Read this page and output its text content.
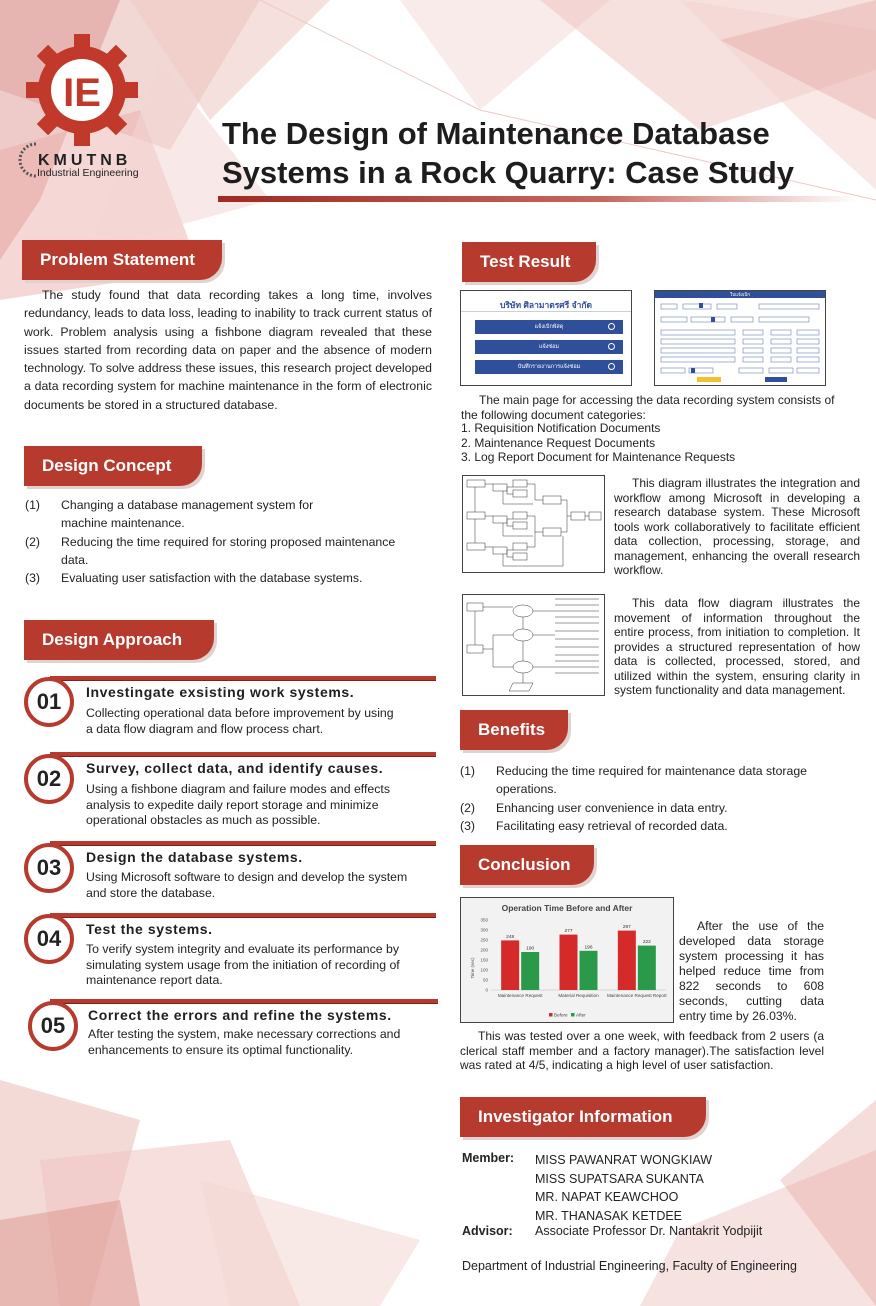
IE
KMUTNB
Industrial Engineering
The Design of Maintenance Database
Systems in a Rock Quarry: Case Study
Problem Statement
The study found that data recording takes a long time, involves redundancy, leads to data loss, leading to inability to track current status of work. Problem analysis using a fishbone diagram revealed that these issues started from recording data on paper and the absence of modern technology. To solve address these issues, this research project developed a data recording system for machine maintenance in the form of electronic documents be stored in a structured database.
Design Concept
(1)	Changing a database management system for
machine maintenance.
(2)	Reducing the time required for storing proposed maintenance
data.
(3)	Evaluating user satisfaction with the database systems.
Design Approach
01	Investingate exsisting work systems.
Collecting operational data before improvement by using
a data flow diagram and flow process chart.
02	Survey, collect data, and identify causes.
Using a fishbone diagram and failure modes and effects
analysis to expedite daily report storage and minimize
operational obstacles as much as possible.
03	Design the database systems.
Using Microsoft software to design and develop the system
and store the database.
04	Test the systems.
To verify system integrity and evaluate its performance by
simulating system usage from the initiation of recording of
maintenance report data.
05	Correct the errors and refine the systems.
After testing the system, make necessary corrections and
enhancements to ensure its optimal functionality.
Test Result
บริษัท ศิลามาตรศรี จำกัด
แจ้งเบิกพัสดุ
แจ้งซ่อม
บันทึกรายงานการแจ้งซ่อม
ใบแจ้งเบิก
The main page for accessing the data recording system consists of the following document categories:
1. Requisition Notification Documents
2. Maintenance Request Documents
3. Log Report Document for Maintenance Requests
This diagram illustrates the integration and workflow among Microsoft in developing a research database system. These Microsoft tools work collaboratively to facilitate efficient data collection, processing, storage, and management, enhancing the overall research workflow.
This data flow diagram illustrates the movement of information throughout the entire process, from initiation to completion. It provides a structured representation of how data is collected, processed, stored, and utilized within the system, ensuring clarity in system functionality and data management.
Benefits
(1)	Reducing the time required for maintenance data storage
operations.
(2)	Enhancing user convenience in data entry.
(3)	Facilitating easy retrieval of recorded data.
Conclusion
Operation Time Before and After
Time (sec)
0
50
100
150
200
250
300
350
248
190
Maintenance Request
277
196
Material Requisition
297
222
Maintenance Request Report
Before After
After the use of the developed data storage system processing it has helped reduce time from 822 seconds to 608 seconds, cutting data entry time by 26.03%.
This was tested over a one week, with feedback from 2 users (a clerical staff member and a factory manager).The satisfaction level was rated at 4/5, indicating a high level of user satisfaction.
Investigator Information
Member: MISS PAWANRAT WONGKIAW
MISS SUPATSARA SUKANTA
MR. NAPAT KEAWCHOO
MR. THANASAK KETDEE
Advisor: Associate Professor Dr. Nantakrit Yodpijit
Department of Industrial Engineering, Faculty of Engineering
